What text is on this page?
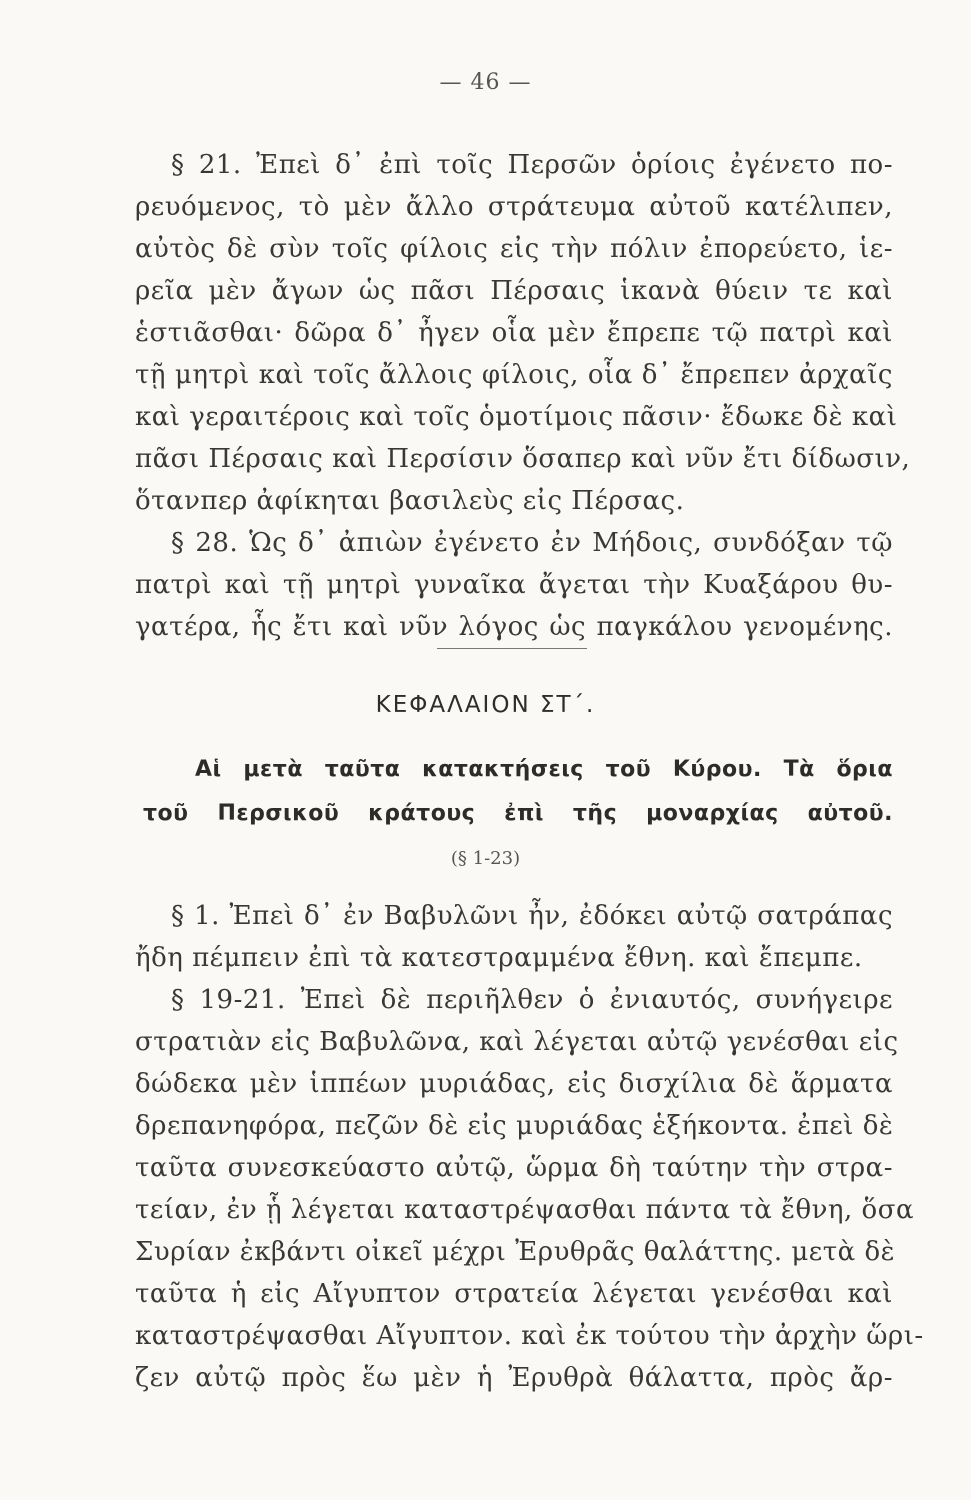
— 46 —
§ 21. Ἐπεὶ δ᾽ ἐπὶ τοῖς Περσῶν ὁρίοις ἐγένετο πο-
ρευόμενος, τὸ μὲν ἄλλο στράτευμα αὐτοῦ κατέλιπεν,
αὐτὸς δὲ σὺν τοῖς φίλοις εἰς τὴν πόλιν ἐπορεύετο, ἱε-
ρεῖα μὲν ἄγων ὡς πᾶσι Πέρσαις ἱκανὰ θύειν τε καὶ
ἑστιᾶσθαι· δῶρα δ᾽ ἦγεν οἷα μὲν ἔπρεπε τῷ πατρὶ καὶ
τῇ μητρὶ καὶ τοῖς ἄλλοις φίλοις, οἷα δ᾽ ἔπρεπεν ἀρχαῖς
καὶ γεραιτέροις καὶ τοῖς ὁμοτίμοις πᾶσιν· ἔδωκε δὲ καὶ
πᾶσι Πέρσαις καὶ Περσίσιν ὅσαπερ καὶ νῦν ἔτι δίδωσιν,
ὅτανπερ ἀφίκηται βασιλεὺς εἰς Πέρσας.
§ 28. Ὡς δ᾽ ἀπιὼν ἐγένετο ἐν Μήδοις, συνδόξαν τῷ
πατρὶ καὶ τῇ μητρὶ γυναῖκα ἄγεται τὴν Κυαξάρου θυ-
γατέρα, ἧς ἔτι καὶ νῦν λόγος ὡς παγκάλου γενομένης.
ΚΕΦΑΛΑΙΟΝ ΣΤ΄.
Αἱ μετὰ ταῦτα κατακτήσεις τοῦ Κύρου. Τὰ ὅρια
τοῦ Περσικοῦ κράτους ἐπὶ τῆς μοναρχίας αὐτοῦ.
(§ 1-23)
§ 1. Ἐπεὶ δ᾽ ἐν Βαβυλῶνι ἦν, ἐδόκει αὐτῷ σατράπας
ἤδη πέμπειν ἐπὶ τὰ κατεστραμμένα ἔθνη. καὶ ἔπεμπε.
§ 19-21. Ἐπεὶ δὲ περιῆλθεν ὁ ἐνιαυτός, συνήγειρε
στρατιὰν εἰς Βαβυλῶνα, καὶ λέγεται αὐτῷ γενέσθαι εἰς
δώδεκα μὲν ἱππέων μυριάδας, εἰς δισχίλια δὲ ἅρματα
δρεπανηφόρα, πεζῶν δὲ εἰς μυριάδας ἑξήκοντα. ἐπεὶ δὲ
ταῦτα συνεσκεύαστο αὐτῷ, ὥρμα δὴ ταύτην τὴν στρα-
τείαν, ἐν ᾗ λέγεται καταστρέψασθαι πάντα τὰ ἔθνη, ὅσα
Συρίαν ἐκβάντι οἰκεῖ μέχρι Ἐρυθρᾶς θαλάττης. μετὰ δὲ
ταῦτα ἡ εἰς Αἴγυπτον στρατεία λέγεται γενέσθαι καὶ
καταστρέψασθαι Αἴγυπτον. καὶ ἐκ τούτου τὴν ἀρχὴν ὥρι-
ζεν αὐτῷ πρὸς ἕω μὲν ἡ Ἐρυθρὰ θάλαττα, πρὸς ἄρ-
